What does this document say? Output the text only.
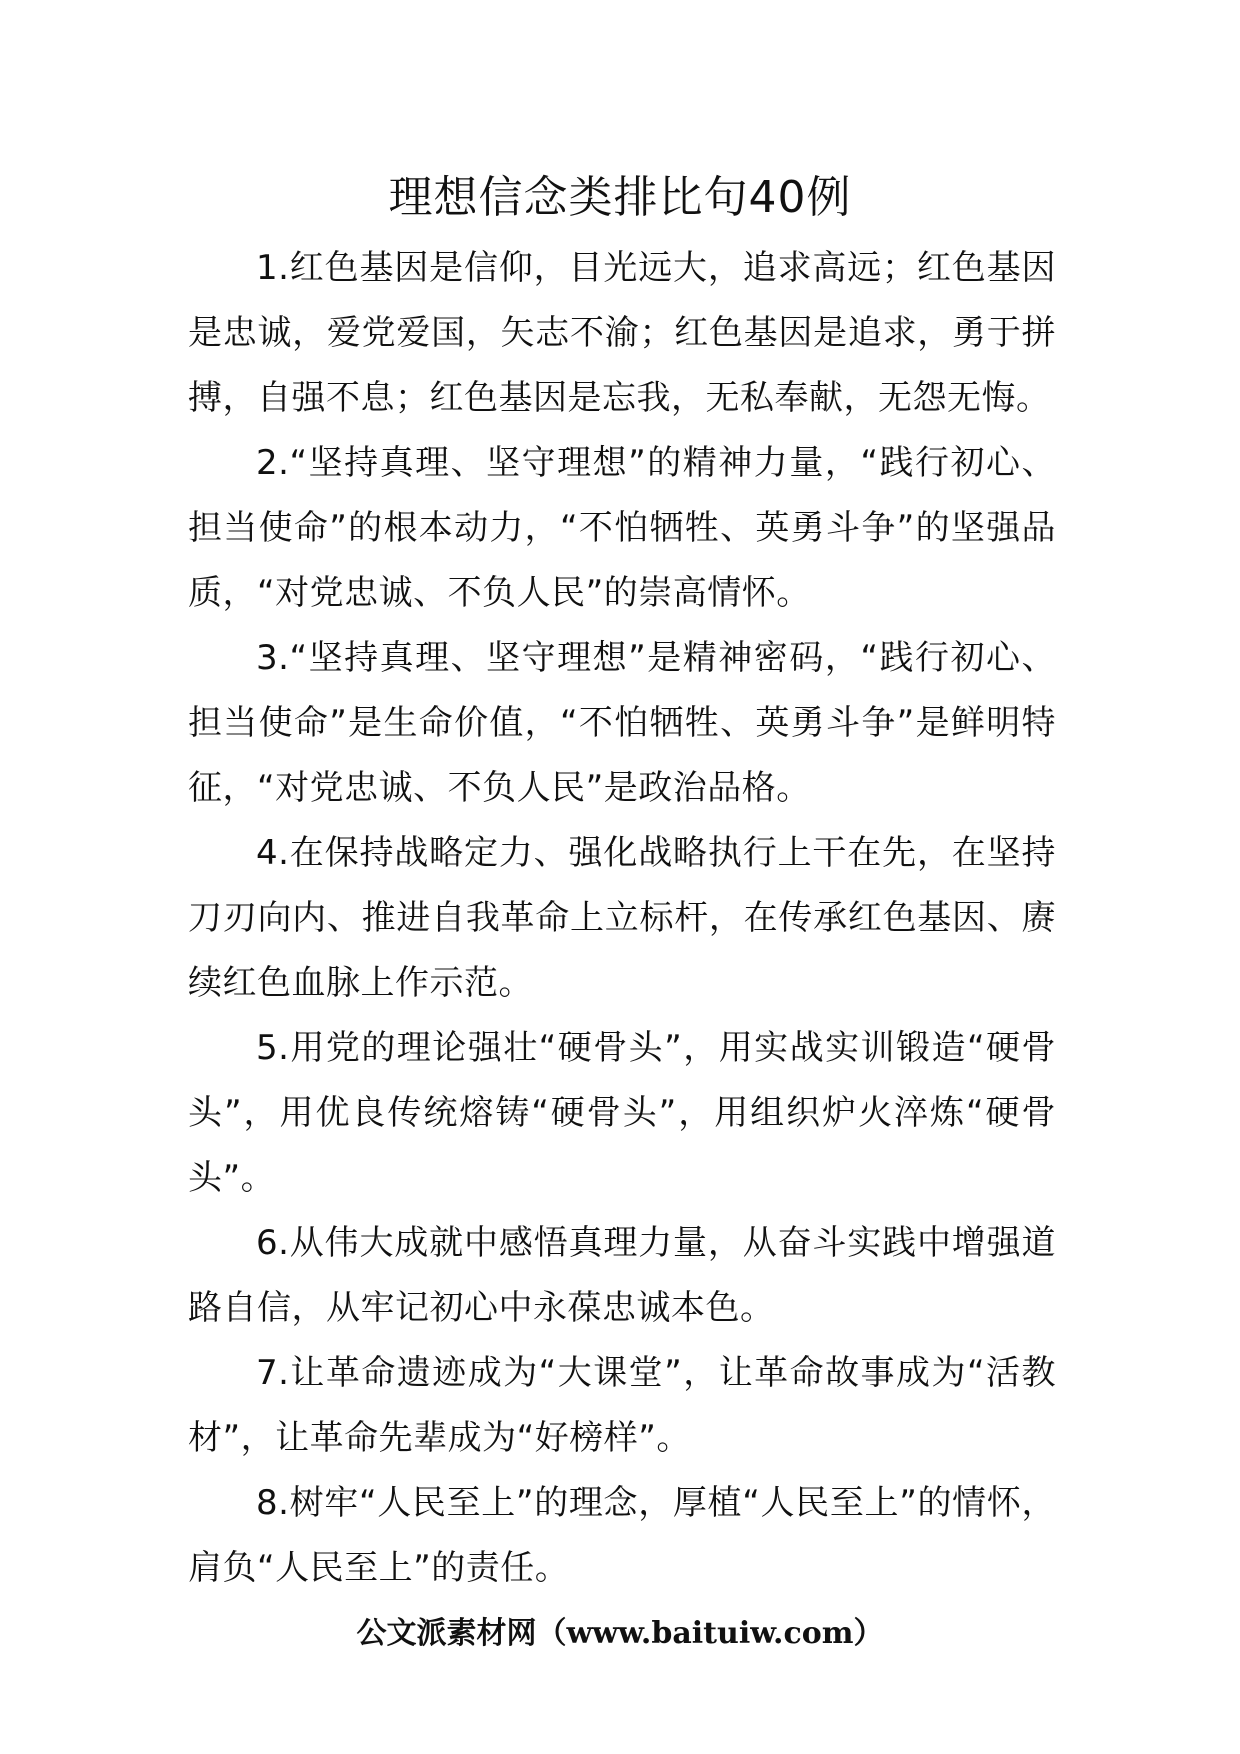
理想信念类排比句40例

1.红色基因是信仰，目光远大，追求高远；红色基因是忠诚，爱党爱国，矢志不渝；红色基因是追求，勇于拼搏，自强不息；红色基因是忘我，无私奉献，无怨无悔。

2.“坚持真理、坚守理想”的精神力量，“践行初心、担当使命”的根本动力，“不怕牺牲、英勇斗争”的坚强品质，“对党忠诚、不负人民”的崇高情怀。

3.“坚持真理、坚守理想”是精神密码，“践行初心、担当使命”是生命价值，“不怕牺牲、英勇斗争”是鲜明特征，“对党忠诚、不负人民”是政治品格。

4.在保持战略定力、强化战略执行上干在先，在坚持刀刃向内、推进自我革命上立标杆，在传承红色基因、赓续红色血脉上作示范。

5.用党的理论强壮“硬骨头”，用实战实训锻造“硬骨头”，用优良传统熔铸“硬骨头”，用组织炉火淬炼“硬骨头”。

6.从伟大成就中感悟真理力量，从奋斗实践中增强道路自信，从牢记初心中永葆忠诚本色。

7.让革命遗迹成为“大课堂”，让革命故事成为“活教材”，让革命先辈成为“好榜样”。

8.树牢“人民至上”的理念，厚植“人民至上”的情怀，肩负“人民至上”的责任。

公文派素材网（www.baituiw.com）
